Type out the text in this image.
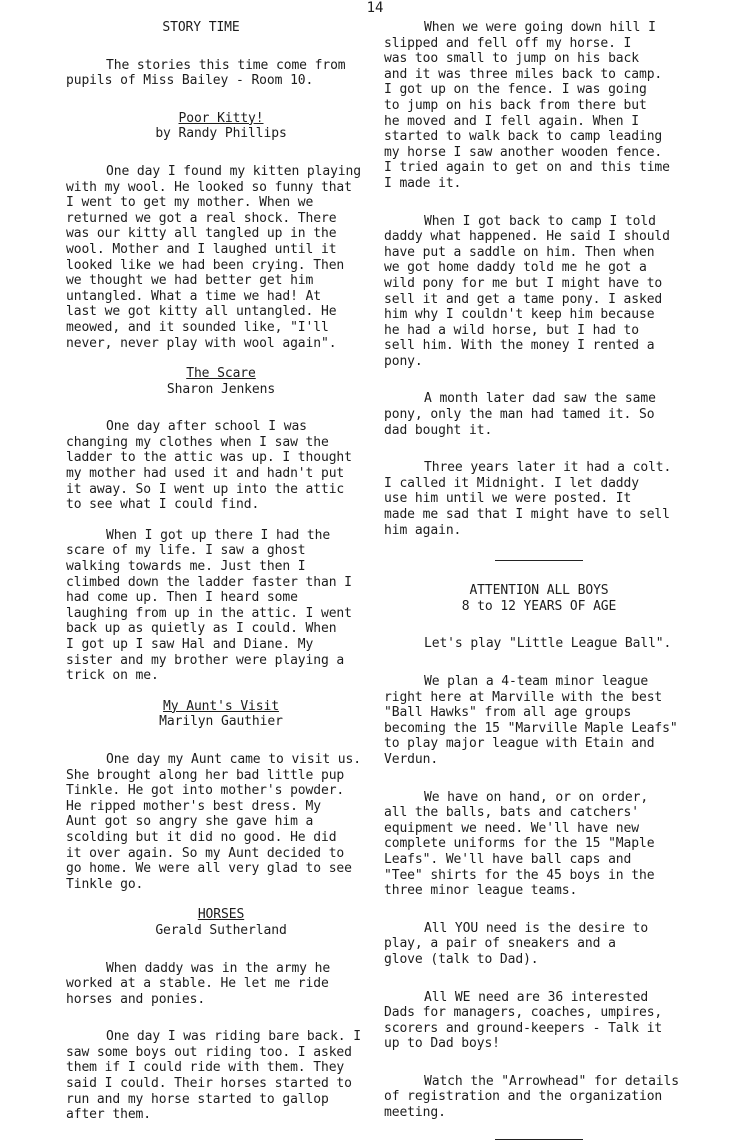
14

STORY TIME

The stories this time come from
pupils of Miss Bailey - Room 10.

Poor Kitty!

by Randy Phillips

One day I found my kitten playing
with my wool. He looked so funny that
I went to get my mother. When we
returned we got a real shock. There
was our kitty all tangled up in the
wool. Mother and I laughed until it
looked like we had been crying. Then
we thought we had better get him
untangled. What a time we had! At
last we got kitty all untangled. He
meowed, and it sounded like, "I'll
never, never play with wool again".

The Scare

Sharon Jenkens

One day after school I was
changing my clothes when I saw the
ladder to the attic was up. I thought
my mother had used it and hadn't put
it away. So I went up into the attic
to see what I could find.

When I got up there I had the
scare of my life. I saw a ghost
walking towards me. Just then I
climbed down the ladder faster than I
had come up. Then I heard some
laughing from up in the attic. I went
back up as quietly as I could. When
I got up I saw Hal and Diane. My
sister and my brother were playing a
trick on me.

My Aunt's Visit

Marilyn Gauthier

One day my Aunt came to visit us.
She brought along her bad little pup
Tinkle. He got into mother's powder.
He ripped mother's best dress. My
Aunt got so angry she gave him a
scolding but it did no good. He did
it over again. So my Aunt decided to
go home. We were all very glad to see
Tinkle go.

HORSES

Gerald Sutherland

When daddy was in the army he
worked at a stable. He let me ride
horses and ponies.

One day I was riding bare back. I
saw some boys out riding too. I asked
them if I could ride with them. They
said I could. Their horses started to
run and my horse started to gallop
after them.

When we were going down hill I
slipped and fell off my horse. I
was too small to jump on his back
and it was three miles back to camp.
I got up on the fence. I was going
to jump on his back from there but
he moved and I fell again. When I
started to walk back to camp leading
my horse I saw another wooden fence.
I tried again to get on and this time
I made it.

When I got back to camp I told
daddy what happened. He said I should
have put a saddle on him. Then when
we got home daddy told me he got a
wild pony for me but I might have to
sell it and get a tame pony. I asked
him why I couldn't keep him because
he had a wild horse, but I had to
sell him. With the money I rented a
pony.

A month later dad saw the same
pony, only the man had tamed it. So
dad bought it.

Three years later it had a colt.
I called it Midnight. I let daddy
use him until we were posted. It
made me sad that I might have to sell
him again.

ATTENTION ALL BOYS

8 to 12 YEARS OF AGE

Let's play "Little League Ball".

We plan a 4-team minor league
right here at Marville with the best
"Ball Hawks" from all age groups
becoming the 15 "Marville Maple Leafs"
to play major league with Etain and
Verdun.

We have on hand, or on order,
all the balls, bats and catchers'
equipment we need. We'll have new
complete uniforms for the 15 "Maple
Leafs". We'll have ball caps and
"Tee" shirts for the 45 boys in the
three minor league teams.

All YOU need is the desire to
play, a pair of sneakers and a
glove (talk to Dad).

All WE need are 36 interested
Dads for managers, coaches, umpires,
scorers and ground-keepers - Talk it
up to Dad boys!

Watch the "Arrowhead" for details
of registration and the organization
meeting.
